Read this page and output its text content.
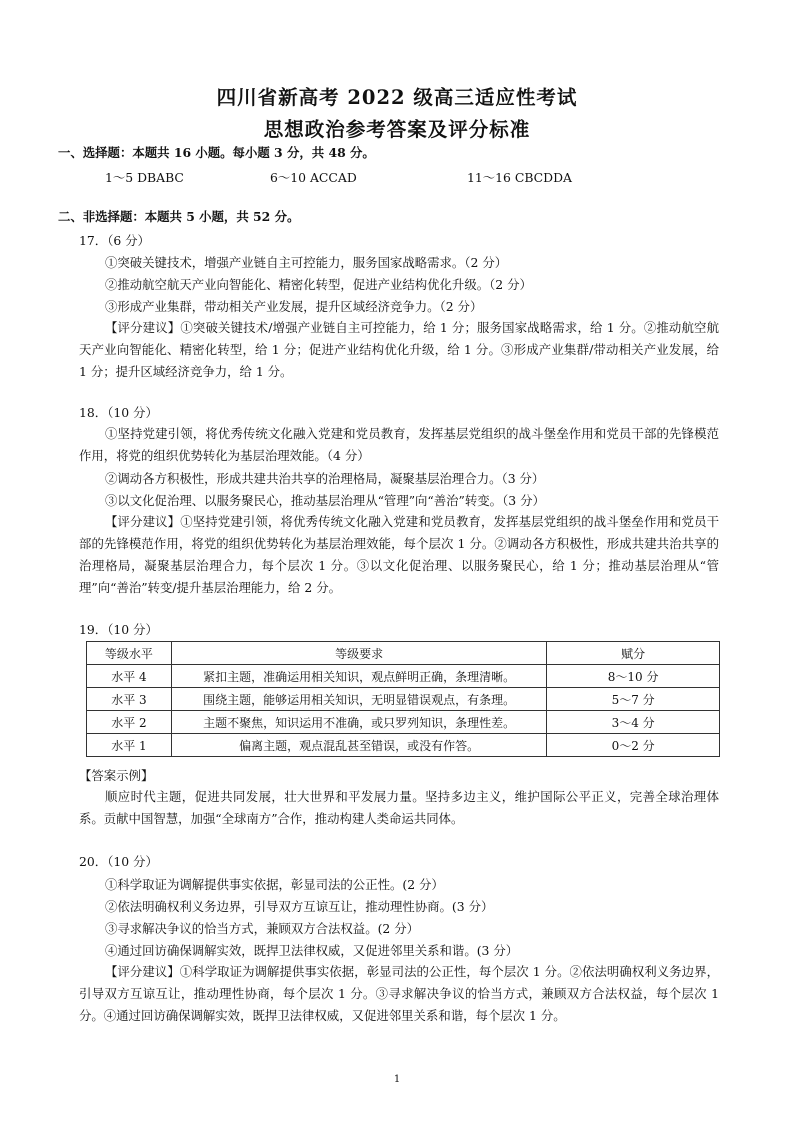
四川省新高考 2022 级高三适应性考试
思想政治参考答案及评分标准
一、选择题：本题共 16 小题。每小题 3 分，共 48 分。
1～5 DBABC	6～10 ACCAD	11～16 CBCDDA
二、非选择题：本题共 5 小题，共 52 分。
17．（6 分）
①突破关键技术，增强产业链自主可控能力，服务国家战略需求。（2 分）
②推动航空航天产业向智能化、精密化转型，促进产业结构优化升级。（2 分）
③形成产业集群，带动相关产业发展，提升区域经济竞争力。（2 分）
【评分建议】①突破关键技术/增强产业链自主可控能力，给 1 分；服务国家战略需求，给 1 分。②推动航空航天产业向智能化、精密化转型，给 1 分；促进产业结构优化升级，给 1 分。③形成产业集群/带动相关产业发展，给 1 分；提升区域经济竞争力，给 1 分。
18．（10 分）
①坚持党建引领，将优秀传统文化融入党建和党员教育，发挥基层党组织的战斗堡垒作用和党员干部的先锋模范作用，将党的组织优势转化为基层治理效能。（4 分）
②调动各方积极性，形成共建共治共享的治理格局，凝聚基层治理合力。（3 分）
③以文化促治理、以服务聚民心，推动基层治理从“管理”向“善治”转变。（3 分）
【评分建议】①坚持党建引领，将优秀传统文化融入党建和党员教育，发挥基层党组织的战斗堡垒作用和党员干部的先锋模范作用，将党的组织优势转化为基层治理效能，每个层次 1 分。②调动各方积极性，形成共建共治共享的治理格局，凝聚基层治理合力，每个层次 1 分。③以文化促治理、以服务聚民心，给 1 分；推动基层治理从“管理”向“善治”转变/提升基层治理能力，给 2 分。
19．（10 分）
等级水平	等级要求	赋分
水平 4	紧扣主题，准确运用相关知识，观点鲜明正确，条理清晰。	8～10 分
水平 3	围绕主题，能够运用相关知识，无明显错误观点，有条理。	5～7 分
水平 2	主题不聚焦，知识运用不准确，或只罗列知识，条理性差。	3～4 分
水平 1	偏离主题，观点混乱甚至错误，或没有作答。	0～2 分
【答案示例】
顺应时代主题，促进共同发展，壮大世界和平发展力量。坚持多边主义，维护国际公平正义，完善全球治理体系。贡献中国智慧，加强“全球南方”合作，推动构建人类命运共同体。
20．（10 分）
①科学取证为调解提供事实依据，彰显司法的公正性。(2 分）
②依法明确权利义务边界，引导双方互谅互让，推动理性协商。(3 分）
③寻求解决争议的恰当方式，兼顾双方合法权益。(2 分）
④通过回访确保调解实效，既捍卫法律权威，又促进邻里关系和谐。(3 分）
【评分建议】①科学取证为调解提供事实依据，彰显司法的公正性，每个层次 1 分。②依法明确权利义务边界，引导双方互谅互让，推动理性协商，每个层次 1 分。③寻求解决争议的恰当方式，兼顾双方合法权益，每个层次 1 分。④通过回访确保调解实效，既捍卫法律权威，又促进邻里关系和谐，每个层次 1 分。
1
